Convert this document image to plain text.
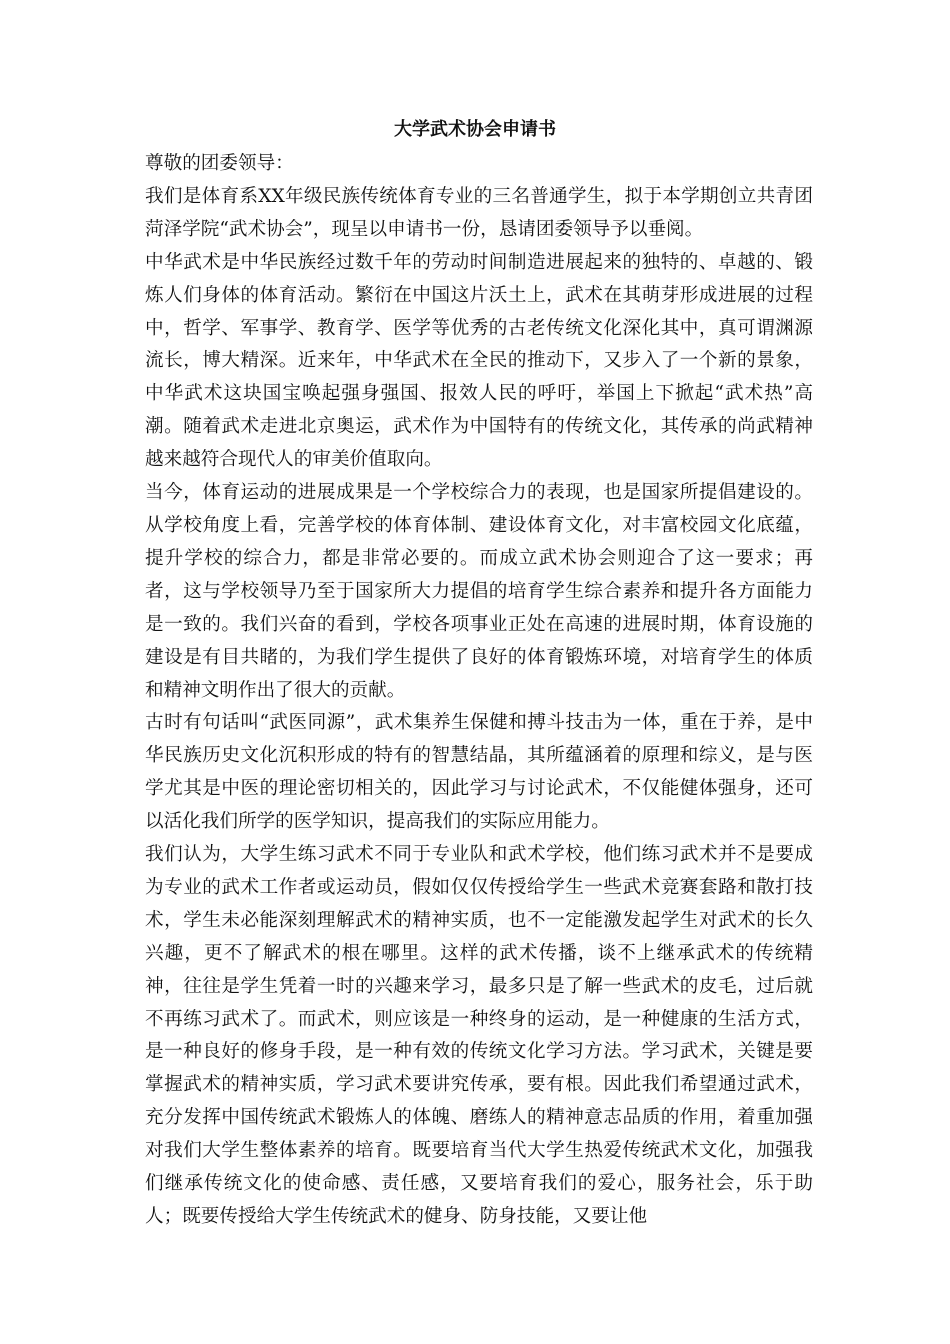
大学武术协会申请书

尊敬的团委领导：

我们是体育系XX年级民族传统体育专业的三名普通学生，拟于本学期创立共青团菏泽学院“武术协会”，现呈以申请书一份，恳请团委领导予以垂阅。

中华武术是中华民族经过数千年的劳动时间制造进展起来的独特的、卓越的、锻炼人们身体的体育活动。繁衍在中国这片沃土上，武术在其萌芽形成进展的过程中，哲学、军事学、教育学、医学等优秀的古老传统文化深化其中，真可谓渊源流长，博大精深。近来年，中华武术在全民的推动下，又步入了一个新的景象，中华武术这块国宝唤起强身强国、报效人民的呼吁，举国上下掀起“武术热”高潮。随着武术走进北京奥运，武术作为中国特有的传统文化，其传承的尚武精神越来越符合现代人的审美价值取向。

当今，体育运动的进展成果是一个学校综合力的表现，也是国家所提倡建设的。从学校角度上看，完善学校的体育体制、建设体育文化，对丰富校园文化底蕴，提升学校的综合力，都是非常必要的。而成立武术协会则迎合了这一要求；再者，这与学校领导乃至于国家所大力提倡的培育学生综合素养和提升各方面能力是一致的。我们兴奋的看到，学校各项事业正处在高速的进展时期，体育设施的建设是有目共睹的，为我们学生提供了良好的体育锻炼环境，对培育学生的体质和精神文明作出了很大的贡献。

古时有句话叫“武医同源”，武术集养生保健和搏斗技击为一体，重在于养，是中华民族历史文化沉积形成的特有的智慧结晶，其所蕴涵着的原理和综义，是与医学尤其是中医的理论密切相关的，因此学习与讨论武术，不仅能健体强身，还可以活化我们所学的医学知识，提高我们的实际应用能力。

我们认为，大学生练习武术不同于专业队和武术学校，他们练习武术并不是要成为专业的武术工作者或运动员，假如仅仅传授给学生一些武术竞赛套路和散打技术，学生未必能深刻理解武术的精神实质，也不一定能激发起学生对武术的长久兴趣，更不了解武术的根在哪里。这样的武术传播，谈不上继承武术的传统精神，往往是学生凭着一时的兴趣来学习，最多只是了解一些武术的皮毛，过后就不再练习武术了。而武术，则应该是一种终身的运动，是一种健康的生活方式，是一种良好的修身手段，是一种有效的传统文化学习方法。学习武术，关键是要掌握武术的精神实质，学习武术要讲究传承，要有根。因此我们希望通过武术，充分发挥中国传统武术锻炼人的体魄、磨练人的精神意志品质的作用，着重加强对我们大学生整体素养的培育。既要培育当代大学生热爱传统武术文化，加强我们继承传统文化的使命感、责任感，又要培育我们的爱心，服务社会，乐于助人；既要传授给大学生传统武术的健身、防身技能，又要让他
